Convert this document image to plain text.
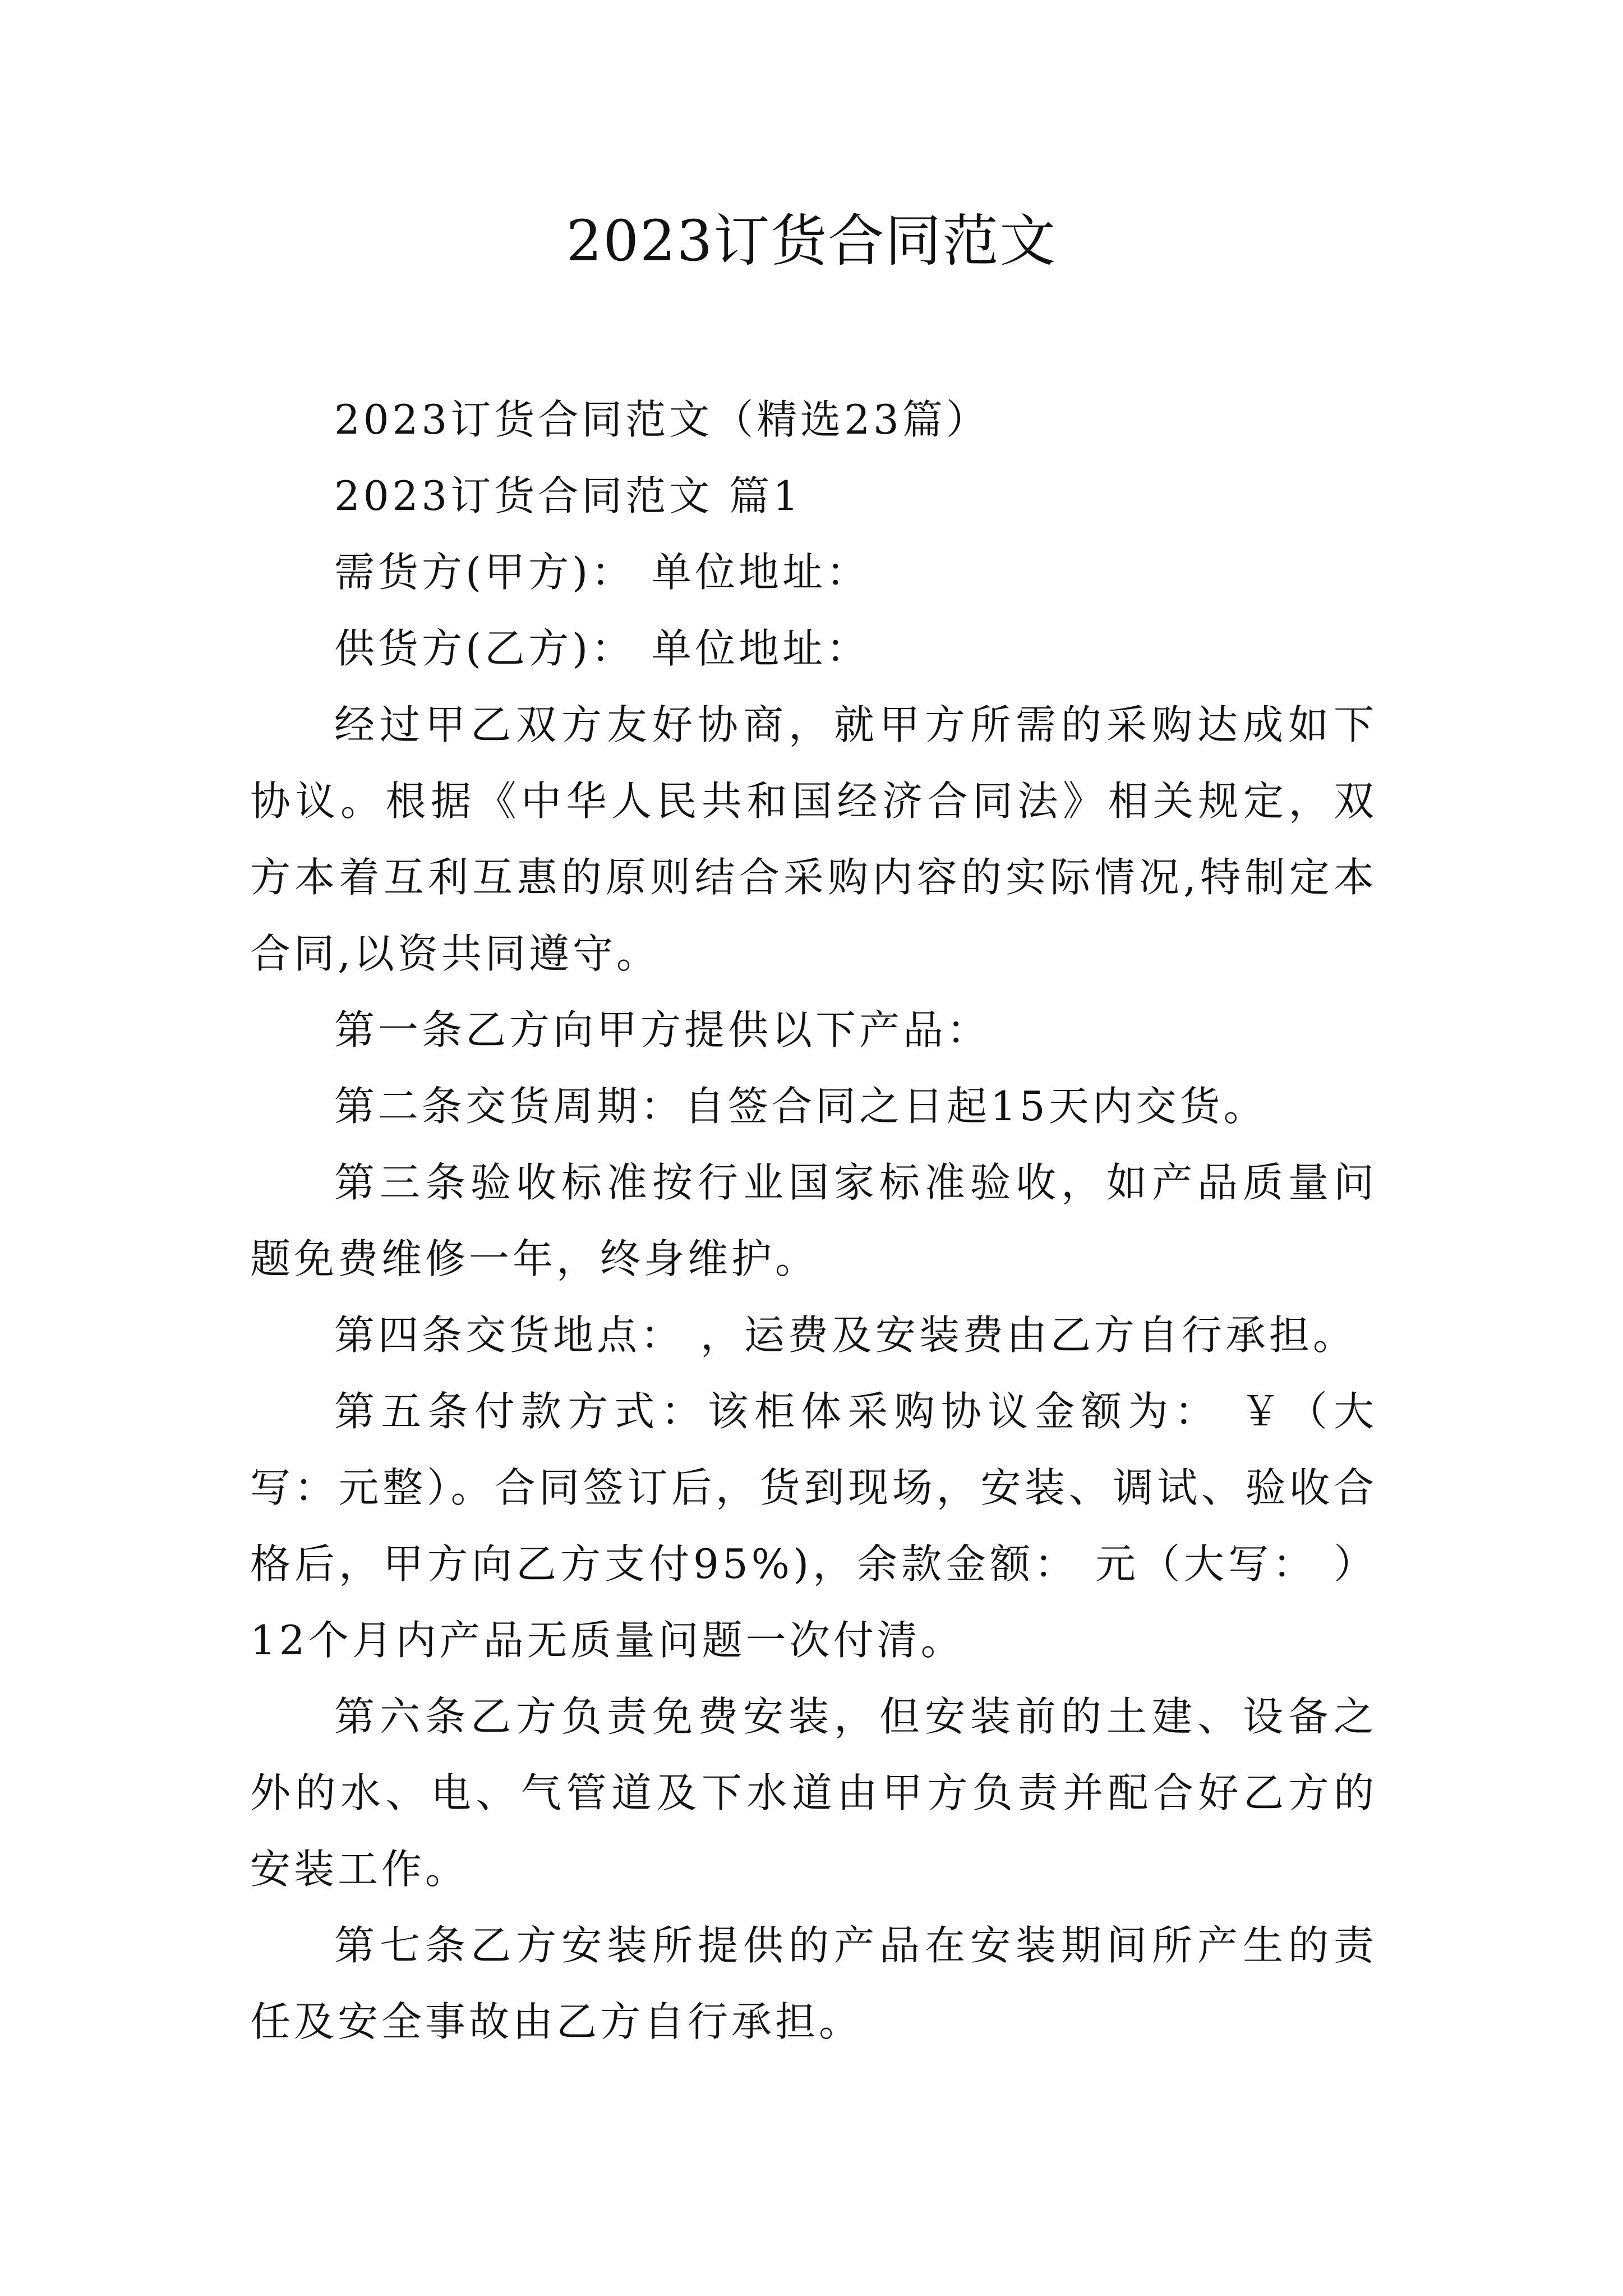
2023订货合同范文

2023订货合同范文（精选23篇）

2023订货合同范文 篇1

需货方(甲方)： 单位地址：

供货方(乙方)： 单位地址：

经过甲乙双方友好协商，就甲方所需的采购达成如下协议。根据《中华人民共和国经济合同法》相关规定，双方本着互利互惠的原则结合采购内容的实际情况,特制定本合同,以资共同遵守。

第一条乙方向甲方提供以下产品：

第二条交货周期：自签合同之日起15天内交货。

第三条验收标准按行业国家标准验收，如产品质量问题免费维修一年，终身维护。

第四条交货地点： ，运费及安装费由乙方自行承担。

第五条付款方式：该柜体采购协议金额为： ￥（大写：元整）。合同签订后，货到现场，安装、调试、验收合格后，甲方向乙方支付95%)，余款金额： 元（大写： ）12个月内产品无质量问题一次付清。

第六条乙方负责免费安装，但安装前的土建、设备之外的水、电、气管道及下水道由甲方负责并配合好乙方的安装工作。

第七条乙方安装所提供的产品在安装期间所产生的责任及安全事故由乙方自行承担。
